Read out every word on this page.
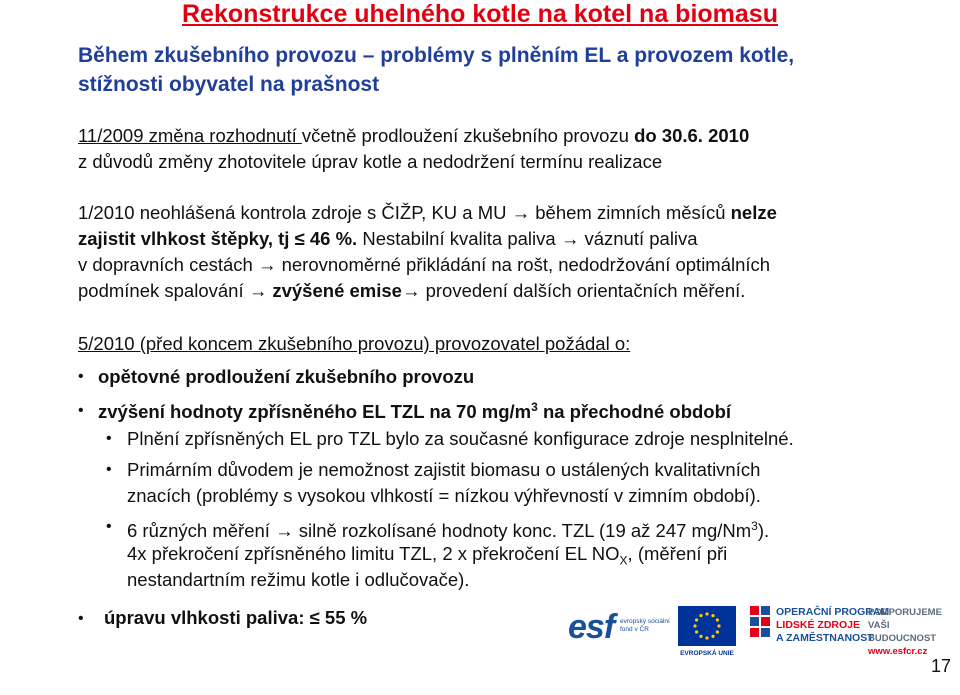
Rekonstrukce uhelného kotle na kotel na biomasu
Během zkušebního provozu – problémy s plněním EL a provozem kotle,
stížnosti obyvatel na prašnost
11/2009 změna rozhodnutí včetně prodloužení zkušebního provozu do 30.6. 2010
z důvodů změny zhotovitele úprav kotle a nedodržení termínu realizace
1/2010 neohlášená kontrola zdroje s ČIŽP, KU a MU → během zimních měsíců nelze
zajistit vlhkost štěpky, tj ≤ 46 %. Nestabilní kvalita paliva → váznutí paliva
v dopravních cestách → nerovnoměrné přikládání na rošt, nedodržování optimálních
podmínek spalování → zvýšené emise→ provedení dalších orientačních měření.
5/2010 (před koncem zkušebního provozu) provozovatel požádal o:
• opětovné prodloužení zkušebního provozu
• zvýšení hodnoty zpřísněného EL TZL na 70 $mg/m^3$ na přechodné období
• Plnění zpřísněných EL pro TZL bylo za současné konfigurace zdroje nesplnitelné.
• Primárním důvodem je nemožnost zajistit biomasu o ustálených kvalitativních
znacích (problémy s vysokou vlhkostí = nízkou výhřevností v zimním období).
• 6 různých měření → silně rozkolísané hodnoty konc. TZL (19 až 247 mg/Nm$^3$).
4x překročení zpřísněného limitu TZL, 2 x překročení EL $NO_X$, (měření při
nestandartním režimu kotle i odlučovače).
• úpravu vlhkosti paliva: ≤ 55 %	esf evropský sociální fond v ČR
EVROPSKÁ UNIE
OPERAČNÍ PROGRAM
LIDSKÉ ZDROJE
A ZAMĚSTNANOST
PODPORUJEME
VAŠI BUDOUCNOST
www.esfcr.cz
17
